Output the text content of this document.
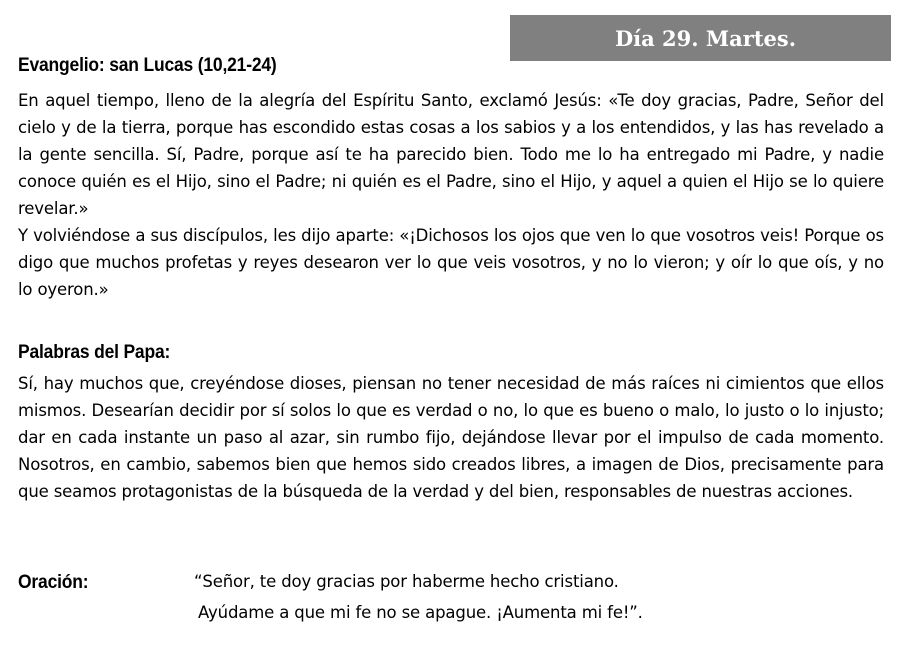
Día 29. Martes.
Evangelio: san Lucas (10,21-24)

En aquel tiempo, lleno de la alegría del Espíritu Santo, exclamó Jesús: «Te doy gracias, Padre, Señor del cielo y de la tierra, porque has escondido estas cosas a los sabios y a los entendidos, y las has revelado a la gente sencilla. Sí, Padre, porque así te ha parecido bien. Todo me lo ha entregado mi Padre, y nadie conoce quién es el Hijo, sino el Padre; ni quién es el Padre, sino el Hijo, y aquel a quien el Hijo se lo quiere revelar.»

Y volviéndose a sus discípulos, les dijo aparte: «¡Dichosos los ojos que ven lo que vosotros veis! Porque os digo que muchos profetas y reyes desearon ver lo que veis vosotros, y no lo vieron; y oír lo que oís, y no lo oyeron.»

Palabras del Papa:

Sí, hay muchos que, creyéndose dioses, piensan no tener necesidad de más raíces ni cimientos que ellos mismos. Desearían decidir por sí solos lo que es verdad o no, lo que es bueno o malo, lo justo o lo injusto; dar en cada instante un paso al azar, sin rumbo fijo, dejándose llevar por el impulso de cada momento. Nosotros, en cambio, sabemos bien que hemos sido creados libres, a imagen de Dios, precisamente para que seamos protagonistas de la búsqueda de la verdad y del bien, responsables de nuestras acciones.

Oración:	“Señor, te doy gracias por haberme hecho cristiano.
Ayúdame a que mi fe no se apague. ¡Aumenta mi fe!”.
